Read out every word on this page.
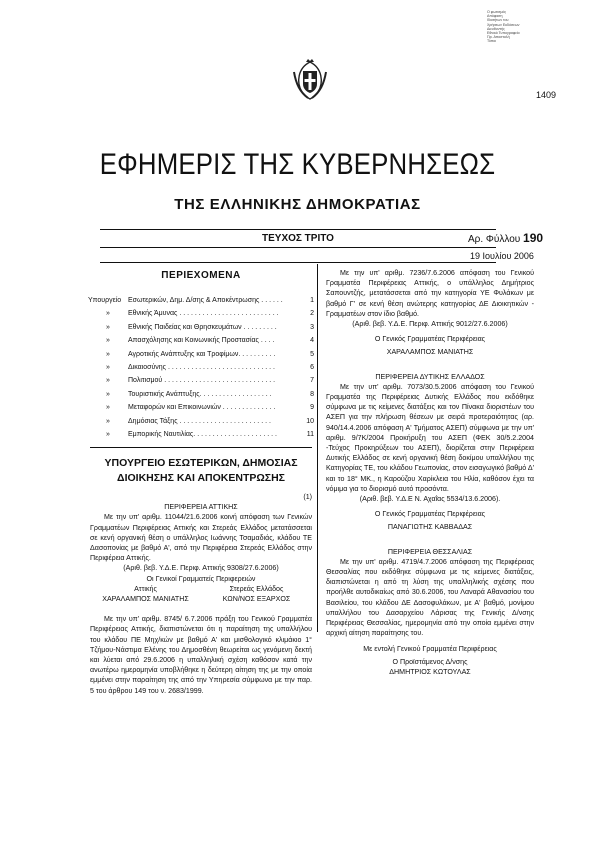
Ο φωτισμός
Απόφαση
Ιδιοτήτων του
Χρήσεων Εκδόσεων
Διευθυντής
Εθνικό Τυπογραφείο
Πρ. Αποστολή
Τύποι
1409
ΕΦΗΜΕΡΙΣ ΤΗΣ ΚΥΒΕΡΝΗΣΕΩΣ
ΤΗΣ ΕΛΛΗΝΙΚΗΣ ΔΗΜΟΚΡΑΤΙΑΣ
ΤΕΥΧΟΣ ΤΡΙΤΟ	Αρ. Φύλλου 190
19 Ιουλίου 2006
ΠΕΡΙΕΧΟΜΕΝΑ
Υπουργείο Εσωτερικών, Δημ. Δ/σης & Αποκέντρωσης . . . . . .	1
»	Εθνικής Άμυνας . . . . . . . . . . . . . . . . . . . . . . . . . .	2
»	Εθνικής Παιδείας και Θρησκευμάτων . . . . . . . . .	3
»	Απασχόλησης και Κοινωνικής Προστασίας . . . .	4
»	Αγροτικής Ανάπτυξης και Τροφίμων. . . . . . . . . .	5
»	Δικαιοσύνης . . . . . . . . . . . . . . . . . . . . . . . . . . . .	6
»	Πολιτισμού . . . . . . . . . . . . . . . . . . . . . . . . . . . . .	7
»	Τουριστικής Ανάπτυξης. . . . . . . . . . . . . . . . . . .	8
»	Μεταφορών και Επικοινωνιών . . . . . . . . . . . . . .	9
»	Δημόσιας Τάξης . . . . . . . . . . . . . . . . . . . . . . . .	10
»	Εμπορικής Ναυτιλίας. . . . . . . . . . . . . . . . . . . . . .	11
ΥΠΟΥΡΓΕΙΟ ΕΣΩΤΕΡΙΚΩΝ, ΔΗΜΟΣΙΑΣ ΔΙΟΙΚΗΣΗΣ ΚΑΙ ΑΠΟΚΕΝΤΡΩΣΗΣ
(1)
ΠΕΡΙΦΕΡΕΙΑ ΑΤΤΙΚΗΣ

Με την υπ' αριθμ. 11044/21.6.2006 κοινή απόφαση των Γενικών Γραμματέων Περιφέρειας Αττικής και Στερεάς Ελλάδος μετατάσσεται σε κενή οργανική θέση ο υπάλληλος Ιωάννης Τσαμαδιάς, κλάδου ΤΕ Δασοπονίας με βαθμό Α', από την Περιφέρεια Στερεάς Ελλάδος στην Περιφέρεια Αττικής.

(Αριθ. βεβ. Υ.Δ.Ε. Περιφ. Αττικής 9308/27.6.2006)
Οι Γενικοί Γραμματείς Περιφερειών
Αττικής	Στερεάς Ελλάδος
ΧΑΡΑΛΑΜΠΟΣ ΜΑΝΙΑΤΗΣ	ΚΩΝ/ΝΟΣ ΕΞΑΡΧΟΣ

Με την υπ' αριθμ. 8745/ 6.7.2006 πράξη του Γενικού Γραμματέα Περιφέρειας Αττικής, διαπιστώνεται ότι η παραίτηση της υπαλλήλου του κλάδου ΠΕ Μηχ/κών με βαθμό Α' και μισθολογικό κλιμάκιο 1° Τζήμου-Νάστιμα Ελένης του Δημοσθένη θεωρείται ως γενόμενη δεκτή και λύεται από 29.6.2006 η υπαλληλική σχέση καθόσον κατά την ανωτέρω ημερομηνία υποβλήθηκε η δεύτερη αίτηση της με την οποία εμμένει στην παραίτηση της από την Υπηρεσία σύμφωνα με την παρ. 5 του άρθρου 149 του ν. 2683/1999.

Με την υπ' αριθμ. 7236/7.6.2006 απόφαση του Γενικού Γραμματέα Περιφέρειας Αττικής, ο υπάλληλος Δημήτριος Σαπουντζής, μετατάσσεται από την κατηγορία ΥΕ Φυλάκων με βαθμό Γ' σε κενή θέση ανώτερης κατηγορίας ΔΕ Διοικητικών - Γραμματέων στον ίδιο βαθμό.

(Αριθ. βεβ. Υ.Δ.Ε. Περιφ. Αττικής 9012/27.6.2006)
Ο Γενικός Γραμματέας Περιφέρειας
ΧΑΡΑΛΑΜΠΟΣ ΜΑΝΙΑΤΗΣ
ΠΕΡΙΦΕΡΕΙΑ ΔΥΤΙΚΗΣ ΕΛΛΑΔΟΣ

Με την υπ' αριθμ. 7073/30.5.2006 απόφαση του Γενικού Γραμματέα της Περιφέρειας Δυτικής Ελλάδος που εκδόθηκε σύμφωνα με τις κείμενες διατάξεις και τον Πίνακα διοριστέων του ΑΣΕΠ για την πλήρωση θέσεων με σειρά προτεραιότητας (αρ. 940/14.4.2006 απόφαση Α' Τμήματος ΑΣΕΠ) σύμφωνα με την υπ' αριθμ. 9/7Κ/2004 Προκήρυξη του ΑΣΕΠ (ΦΕΚ 30/5.2.2004 -Τεύχος Προκηρύξεων του ΑΣΕΠ), διορίζεται στην Περιφέρεια Δυτικής Ελλάδος σε κενή οργανική θέση δοκίμου υπαλλήλου της Κατηγορίας ΤΕ, του κλάδου Γεωπονίας, στον εισαγωγικό βαθμό Δ' και το 18° ΜΚ., η Καρούζου Χαρίκλεια του Ηλία, καθόσον έχει τα νόμιμα για το διορισμό αυτό προσόντα.

(Αριθ. βεβ. Υ.Δ.Ε Ν. Αχαΐας 5534/13.6.2006).
Ο Γενικός Γραμματέας Περιφέρειας
ΠΑΝΑΓΙΩΤΗΣ ΚΑΒΒΑΔΑΣ
ΠΕΡΙΦΕΡΕΙΑ ΘΕΣΣΑΛΙΑΣ

Με την υπ' αριθμ. 4719/4.7.2006 απόφαση της Περιφέρειας Θεσσαλίας που εκδόθηκε σύμφωνα με τις κείμενες διατάξεις, διαπιστώνεται η από τη λύση της υπαλληλικής σχέσης που προήλθε αυτοδικαίως από 30.6.2006, του Λαναρά Αθανασίου του Βασιλείου, του κλάδου ΔΕ Δασοφυλάκων, με Α' βαθμό, μονίμου υπαλλήλου του Δασαρχείου Λάρισας της Γενικής Δ/νσης Περιφέρειας Θεσσαλίας, ημερομηνία από την οποία εμμένει στην αρχική αίτηση παραίτησης του.

Με εντολή Γενικού Γραμματέα Περιφέρειας
Ο Προϊστάμενος Δ/νσης
ΔΗΜΗΤΡΙΟΣ ΚΩΤΟΥΛΑΣ
